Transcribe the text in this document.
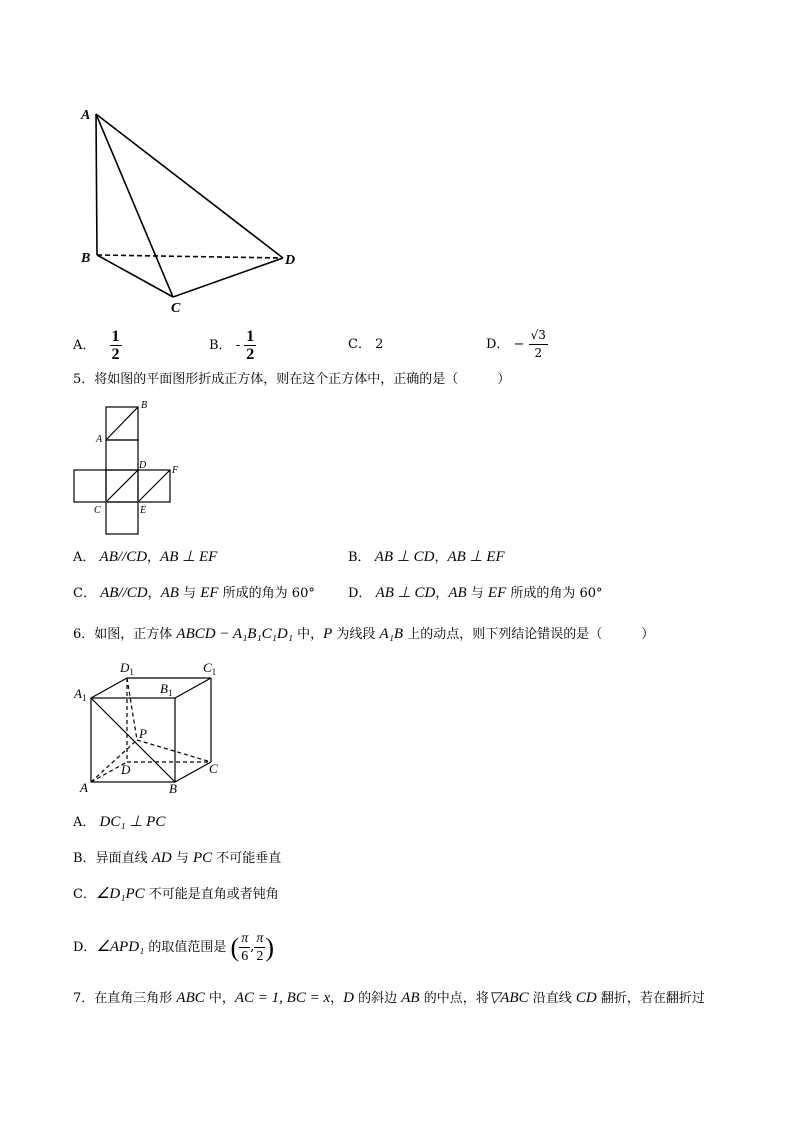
A
B
C
D
A． $\frac{1}{2}$	B． - $\frac{1}{2}$	C． 2	D． − $\frac{√3}{2}$
5．将如图的平面图形折成正方体，则在这个正方体中，正确的是（　　　）
B
A
D	F
C	E
A． AB//CD，AB ⊥ EF	B． AB ⊥ CD，AB ⊥ EF
C． AB//CD，AB 与 EF 所成的角为 60°	D． AB ⊥ CD，AB 与 EF 所成的角为 60°
6．如图，正方体 ABCD − A₁B₁C₁D₁ 中，P 为线段 A₁B 上的动点，则下列结论错误的是（　　　）
$D_1$	$C_1$
$A_1$
$B_1$
P
D	C
A	B
A． DC₁ ⊥ PC
B．异面直线 AD 与 PC 不可能垂直
C．∠D₁PC 不可能是直角或者钝角
D．∠APD₁ 的取值范围是 ( $\frac{\pi}{6}$ , $\frac{\pi}{2}$ )
7．在直角三角形 ABC 中，AC = 1, BC = x，D 的斜边 AB 的中点，将▽ABC 沿直线 CD 翻折，若在翻折过
